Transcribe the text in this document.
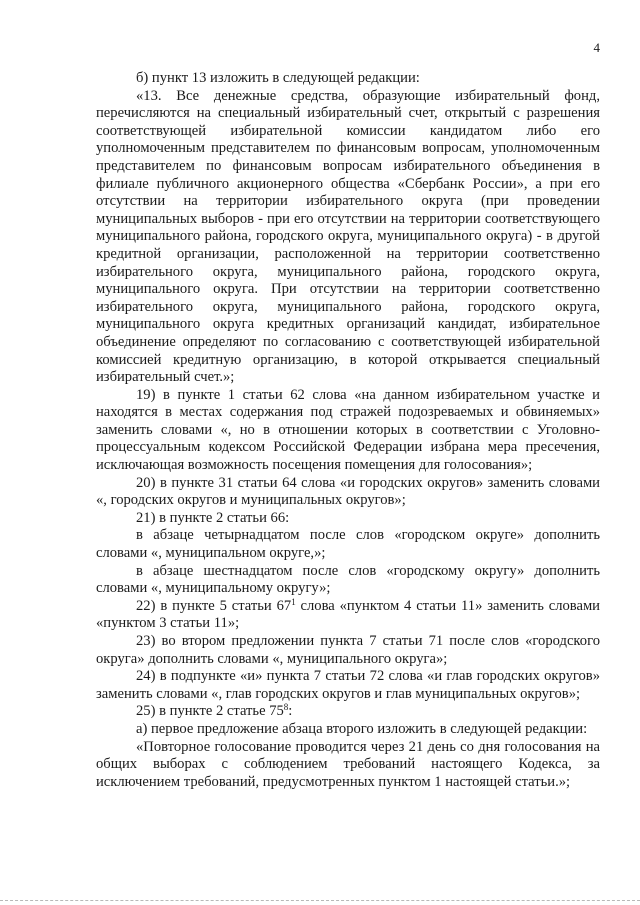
4

б) пункт 13 изложить в следующей редакции:

«13. Все денежные средства, образующие избирательный фонд, перечисляются на специальный избирательный счет, открытый с разрешения соответствующей избирательной комиссии кандидатом либо его уполномоченным представителем по финансовым вопросам, уполномоченным представителем по финансовым вопросам избирательного объединения в филиале публичного акционерного общества «Сбербанк России», а при его отсутствии на территории избирательного округа (при проведении муниципальных выборов - при его отсутствии на территории соответствующего муниципального района, городского округа, муниципального округа) - в другой кредитной организации, расположенной на территории соответственно избирательного округа, муниципального района, городского округа, муниципального округа. При отсутствии на территории соответственно избирательного округа, муниципального района, городского округа, муниципального округа кредитных организаций кандидат, избирательное объединение определяют по согласованию с соответствующей избирательной комиссией кредитную организацию, в которой открывается специальный избирательный счет.»;

19) в пункте 1 статьи 62 слова «на данном избирательном участке и находятся в местах содержания под стражей подозреваемых и обвиняемых» заменить словами «, но в отношении которых в соответствии с Уголовно-процессуальным кодексом Российской Федерации избрана мера пресечения, исключающая возможность посещения помещения для голосования»;

20) в пункте 31 статьи 64 слова «и городских округов» заменить словами «, городских округов и муниципальных округов»;

21) в пункте 2 статьи 66:

в абзаце четырнадцатом после слов «городском округе» дополнить словами «, муниципальном округе,»;

в абзаце шестнадцатом после слов «городскому округу» дополнить словами «, муниципальному округу»;

22) в пункте 5 статьи $67^1$ слова «пунктом 4 статьи 11» заменить словами «пунктом 3 статьи 11»;

23) во втором предложении пункта 7 статьи 71 после слов «городского округа» дополнить словами «, муниципального округа»;

24) в подпункте «и» пункта 7 статьи 72 слова «и глав городских округов» заменить словами «, глав городских округов и глав муниципальных округов»;

25) в пункте 2 статье $75^8$:

а) первое предложение абзаца второго изложить в следующей редакции:

«Повторное голосование проводится через 21 день со дня голосования на общих выборах с соблюдением требований настоящего Кодекса, за исключением требований, предусмотренных пунктом 1 настоящей статьи.»;
